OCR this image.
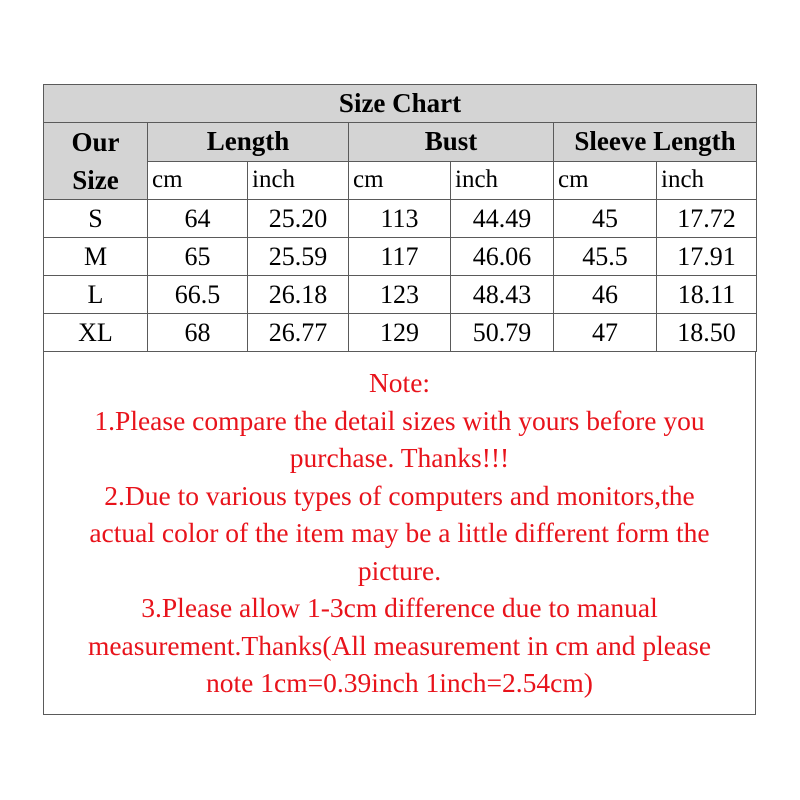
Size Chart						

Our
Size	Length		Bust		Sleeve Length	
	cm	inch	cm	inch	cm	inch
S	64	25.20	113	44.49	45	17.72
M	65	25.59	117	46.06	45.5	17.91
L	66.5	26.18	123	48.43	46	18.11
XL	68	26.77	129	50.79	47	18.50
Note:
1.Please compare the detail sizes with yours before you
purchase. Thanks!!!
2.Due to various types of computers and monitors,the
actual color of the item may be a little different form the
picture.
3.Please allow 1-3cm difference due to manual
measurement.Thanks(All measurement in cm and please
note 1cm=0.39inch 1inch=2.54cm)
